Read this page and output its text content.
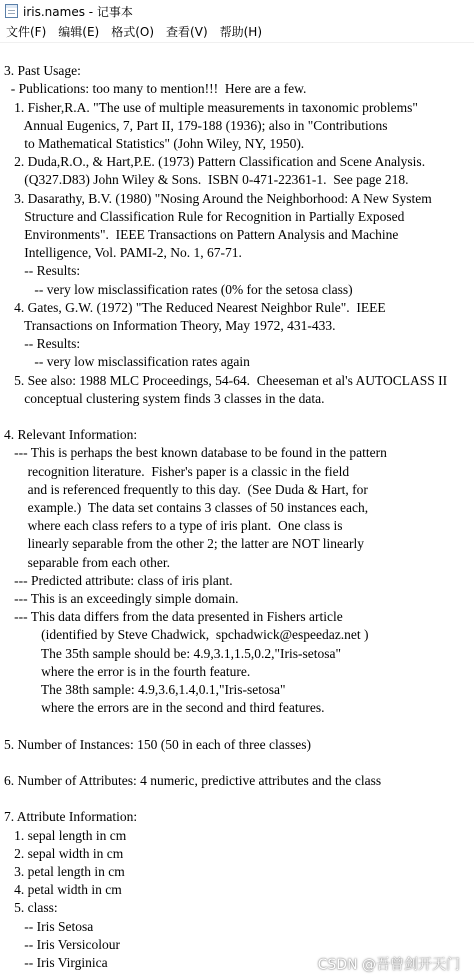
iris.names - 记事本
文件(F)	编辑(E)	格式(O)	查看(V)	帮助(H)
3. Past Usage:
- Publications: too many to mention!!!  Here are a few.
1. Fisher,R.A. "The use of multiple measurements in taxonomic problems"
Annual Eugenics, 7, Part II, 179-188 (1936); also in "Contributions
to Mathematical Statistics" (John Wiley, NY, 1950).
2. Duda,R.O., & Hart,P.E. (1973) Pattern Classification and Scene Analysis.
(Q327.D83) John Wiley & Sons.  ISBN 0-471-22361-1.  See page 218.
3. Dasarathy, B.V. (1980) "Nosing Around the Neighborhood: A New System
Structure and Classification Rule for Recognition in Partially Exposed
Environments".  IEEE Transactions on Pattern Analysis and Machine
Intelligence, Vol. PAMI-2, No. 1, 67-71.
-- Results:
-- very low misclassification rates (0% for the setosa class)
4. Gates, G.W. (1972) "The Reduced Nearest Neighbor Rule".  IEEE
Transactions on Information Theory, May 1972, 431-433.
-- Results:
-- very low misclassification rates again
5. See also: 1988 MLC Proceedings, 54-64.  Cheeseman et al's AUTOCLASS II
conceptual clustering system finds 3 classes in the data.
4. Relevant Information:
--- This is perhaps the best known database to be found in the pattern
recognition literature.  Fisher's paper is a classic in the field
and is referenced frequently to this day.  (See Duda & Hart, for
example.)  The data set contains 3 classes of 50 instances each,
where each class refers to a type of iris plant.  One class is
linearly separable from the other 2; the latter are NOT linearly
separable from each other.
--- Predicted attribute: class of iris plant.
--- This is an exceedingly simple domain.
--- This data differs from the data presented in Fishers article
(identified by Steve Chadwick,  spchadwick@espeedaz.net )
The 35th sample should be: 4.9,3.1,1.5,0.2,"Iris-setosa"
where the error is in the fourth feature.
The 38th sample: 4.9,3.6,1.4,0.1,"Iris-setosa"
where the errors are in the second and third features.
5. Number of Instances: 150 (50 in each of three classes)
6. Number of Attributes: 4 numeric, predictive attributes and the class
7. Attribute Information:
1. sepal length in cm
2. sepal width in cm
3. petal length in cm
4. petal width in cm
5. class:
-- Iris Setosa
-- Iris Versicolour
-- Iris Virginica	CSDN @吾曾剑开天门
